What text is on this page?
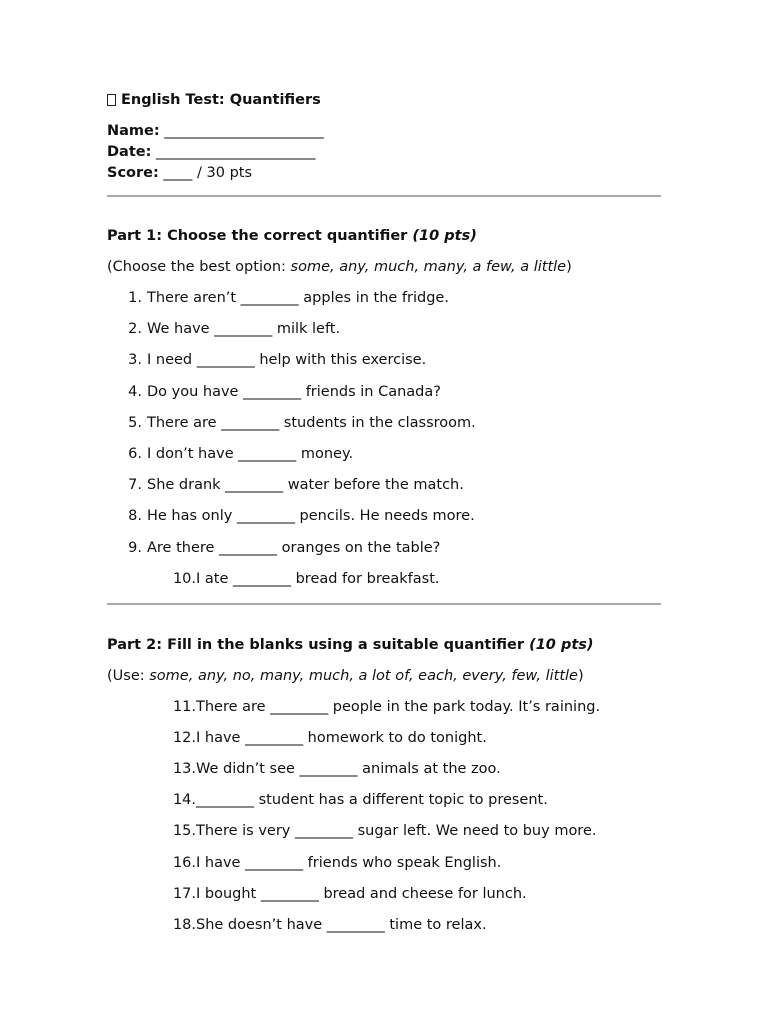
English Test: Quantifiers

Name: ______________________

Date: ______________________

Score: ____ / 30 pts

Part 1: Choose the correct quantifier (10 pts)
(Choose the best option: some, any, much, many, a few, a little)
1. There aren’t ________ apples in the fridge.
2. We have ________ milk left.
3. I need ________ help with this exercise.
4. Do you have ________ friends in Canada?
5. There are ________ students in the classroom.
6. I don’t have ________ money.
7. She drank ________ water before the match.
8. He has only ________ pencils. He needs more.
9. Are there ________ oranges on the table?
10. I ate ________ bread for breakfast.
Part 2: Fill in the blanks using a suitable quantifier (10 pts)
(Use: some, any, no, many, much, a lot of, each, every, few, little)
11. There are ________ people in the park today. It’s raining.
12. I have ________ homework to do tonight.
13. We didn’t see ________ animals at the zoo.
14. ________ student has a different topic to present.
15. There is very ________ sugar left. We need to buy more.
16. I have ________ friends who speak English.
17. I bought ________ bread and cheese for lunch.
18. She doesn’t have ________ time to relax.
